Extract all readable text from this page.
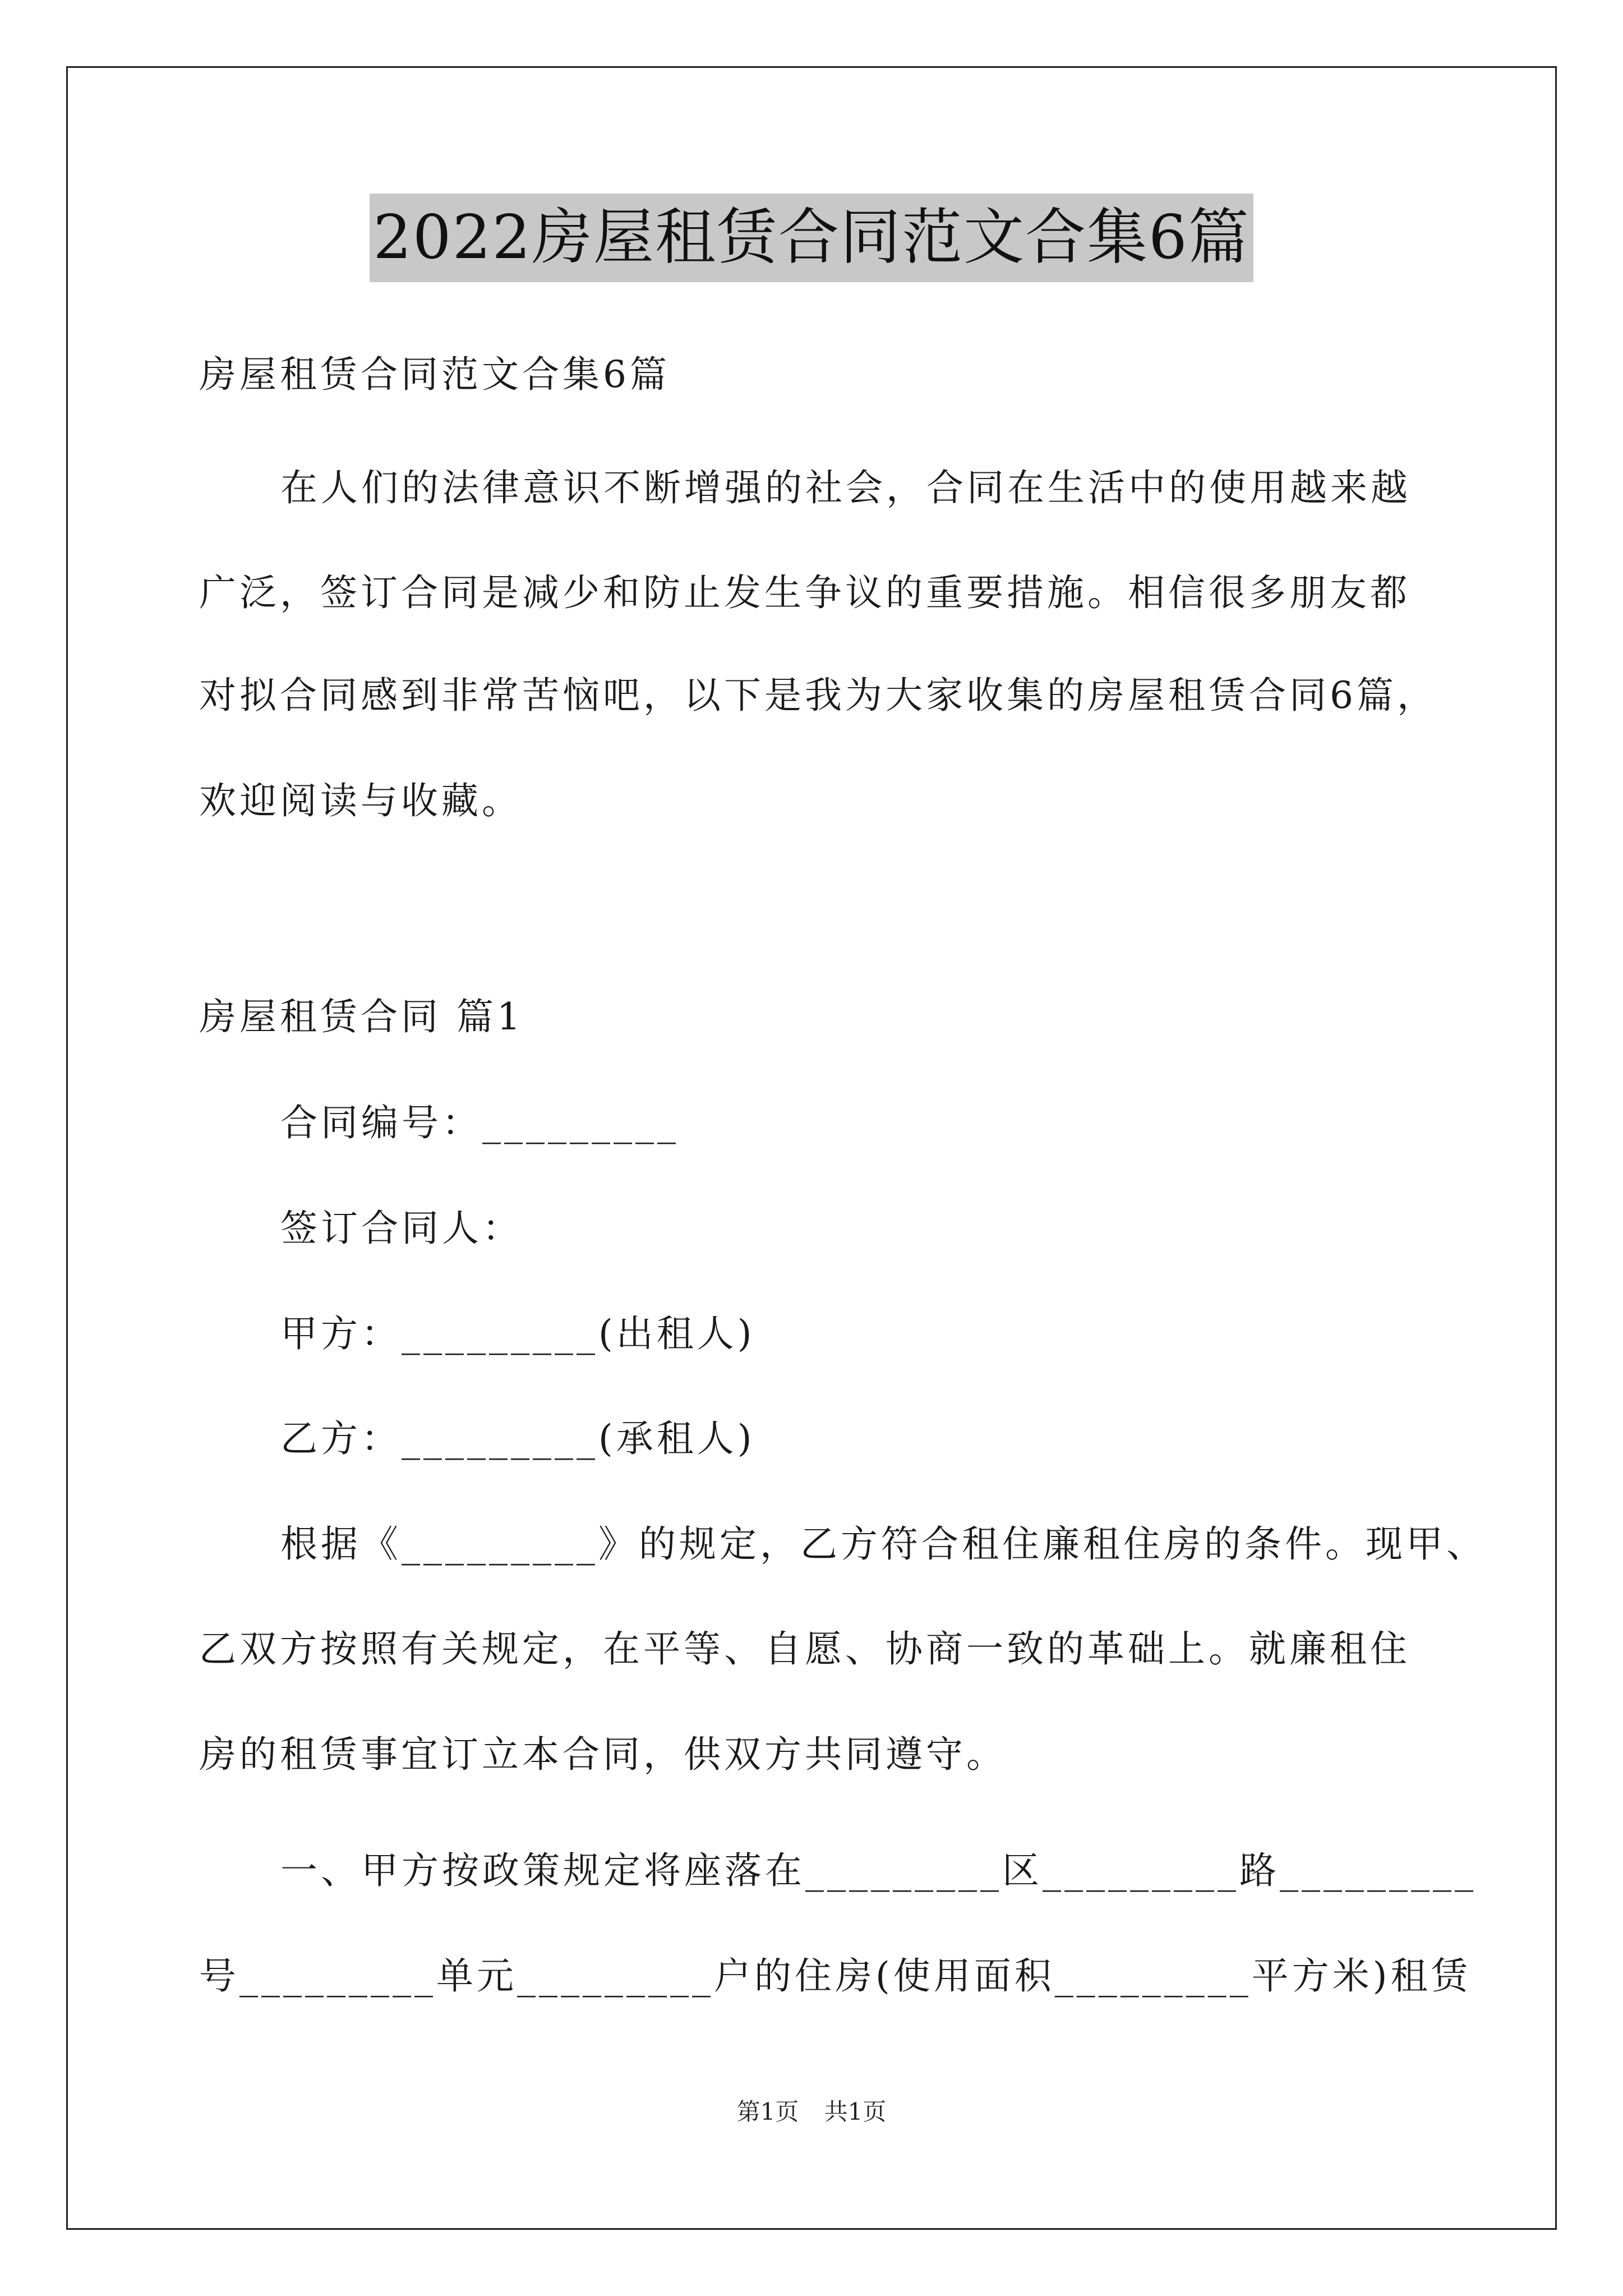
2022房屋租赁合同范文合集6篇
房屋租赁合同范文合集6篇
在人们的法律意识不断增强的社会，合同在生活中的使用越来越
广泛，签订合同是减少和防止发生争议的重要措施。相信很多朋友都
对拟合同感到非常苦恼吧，以下是我为大家收集的房屋租赁合同6篇，
欢迎阅读与收藏。
房屋租赁合同 篇1
合同编号：_________
签订合同人：
甲方：_________(出租人)
乙方：_________(承租人)
根据《_________》的规定，乙方符合租住廉租住房的条件。现甲、
乙双方按照有关规定，在平等、自愿、协商一致的革础上。就廉租住
房的租赁事宜订立本合同，供双方共同遵守。
一、甲方按政策规定将座落在_________区_________路_________
号_________单元_________户的住房(使用面积_________平方米)租赁
第1页 共1页
